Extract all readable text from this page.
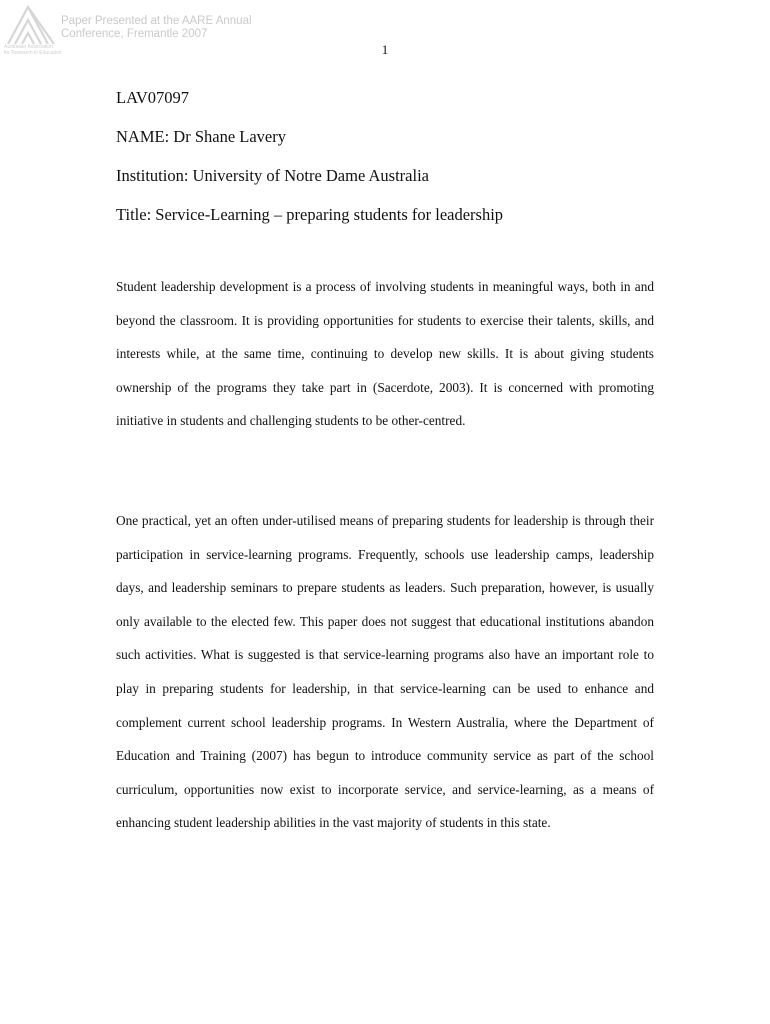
Paper Presented at the AARE Annual
Conference, Fremantle 2007
Australian Association
for Research in Education	1
LAV07097
NAME: Dr Shane Lavery
Institution: University of Notre Dame Australia
Title: Service-Learning – preparing students for leadership

Student leadership development is a process of involving students in meaningful ways, both in and beyond the classroom. It is providing opportunities for students to exercise their talents, skills, and interests while, at the same time, continuing to develop new skills. It is about giving students ownership of the programs they take part in (Sacerdote, 2003). It is concerned with promoting initiative in students and challenging students to be other-centred.

One practical, yet an often under-utilised means of preparing students for leadership is through their participation in service-learning programs. Frequently, schools use leadership camps, leadership days, and leadership seminars to prepare students as leaders. Such preparation, however, is usually only available to the elected few. This paper does not suggest that educational institutions abandon such activities. What is suggested is that service-learning programs also have an important role to play in preparing students for leadership, in that service-learning can be used to enhance and complement current school leadership programs. In Western Australia, where the Department of Education and Training (2007) has begun to introduce community service as part of the school curriculum, opportunities now exist to incorporate service, and service-learning, as a means of enhancing student leadership abilities in the vast majority of students in this state.
